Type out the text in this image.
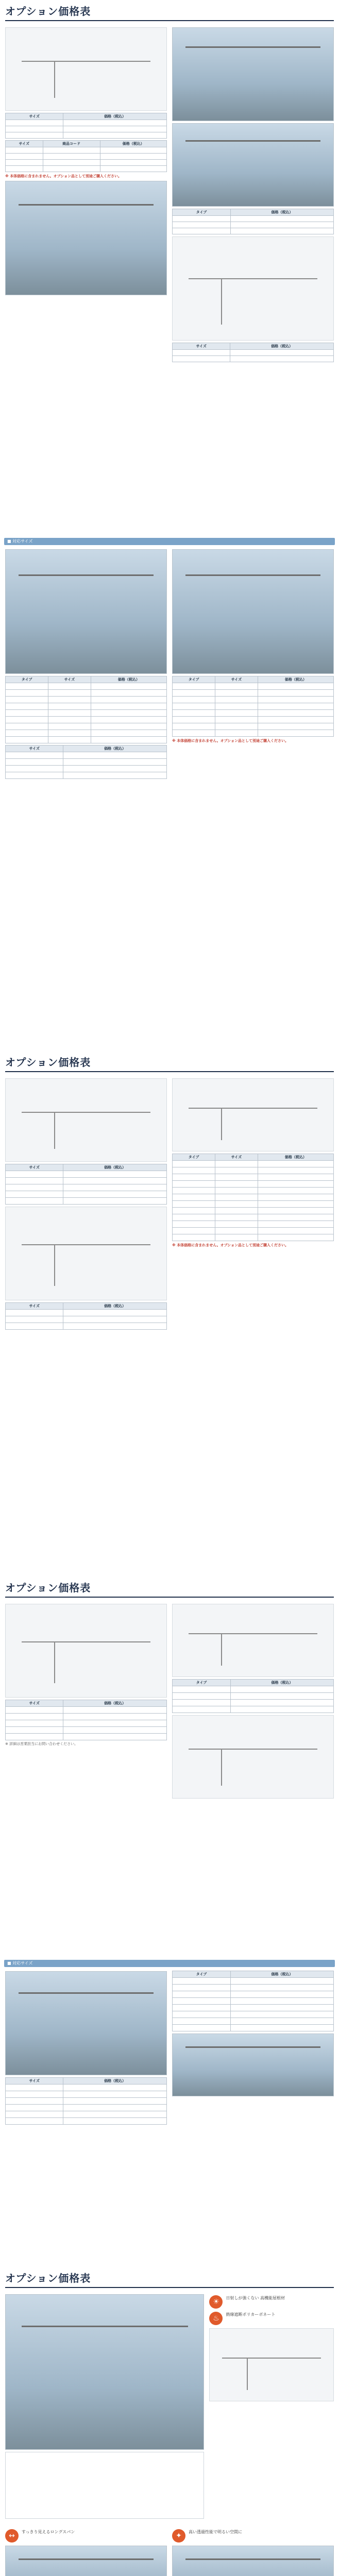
オプション価格表
サイズ	価格（税込）

サイズ	商品コード	価格（税込）

※ 本体価格に含まれません。オプション品として別途ご購入ください。
タイプ	価格（税込）

サイズ	価格（税込）

■ 対応サイズ
タイプ	サイズ	価格（税込）

サイズ	価格（税込）

タイプ	サイズ	価格（税込）

※ 本体価格に含まれません。オプション品として別途ご購入ください。
オプション価格表
サイズ	価格（税込）

サイズ	価格（税込）

タイプ	サイズ	価格（税込）

※ 本体価格に含まれません。オプション品として別途ご購入ください。
オプション価格表
サイズ	価格（税込）

※ 詳細は営業担当にお問い合わせください。
タイプ	価格（税込）

■ 対応サイズ
サイズ	価格（税込）

タイプ	価格（税込）

オプション価格表
☀	日射しが強くない 高機能屋根材
♨	熱線遮断ポリカーボネート
↔	すっきり見えるロングスパン	✦	高い透過性能で明るい空間に
